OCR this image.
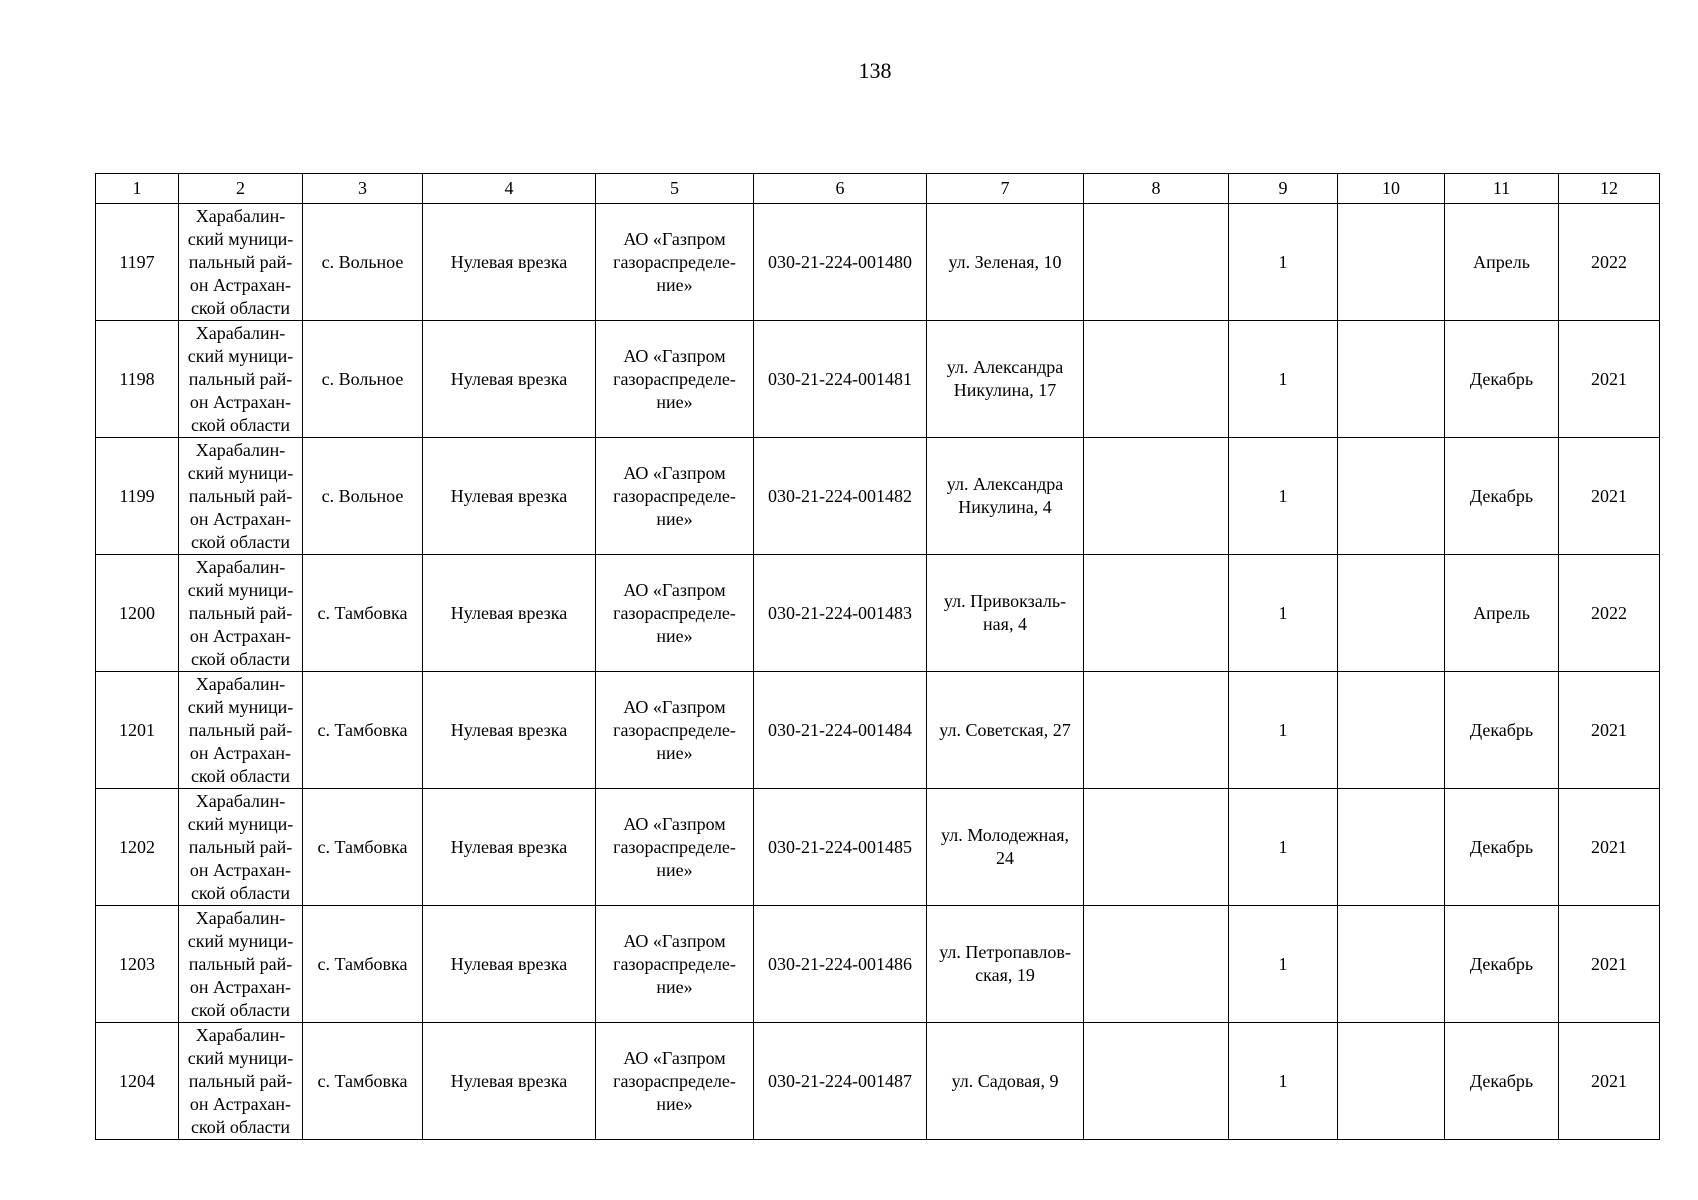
138
1	2	3	4	5	6	7	8	9	10	11	12
1197	Харабалин-
ский муници-
пальный рай-
он Астрахан-
ской области	с. Вольное	Нулевая врезка	АО «Газпром
газораспределе-
ние»	030-21-224-001480	ул. Зеленая, 10		1		Апрель	2022
1198	Харабалин-
ский муници-
пальный рай-
он Астрахан-
ской области	с. Вольное	Нулевая врезка	АО «Газпром
газораспределе-
ние»	030-21-224-001481	ул. Александра
Никулина, 17		1		Декабрь	2021
1199	Харабалин-
ский муници-
пальный рай-
он Астрахан-
ской области	с. Вольное	Нулевая врезка	АО «Газпром
газораспределе-
ние»	030-21-224-001482	ул. Александра
Никулина, 4		1		Декабрь	2021
1200	Харабалин-
ский муници-
пальный рай-
он Астрахан-
ской области	с. Тамбовка	Нулевая врезка	АО «Газпром
газораспределе-
ние»	030-21-224-001483	ул. Привокзаль-
ная, 4		1		Апрель	2022
1201	Харабалин-
ский муници-
пальный рай-
он Астрахан-
ской области	с. Тамбовка	Нулевая врезка	АО «Газпром
газораспределе-
ние»	030-21-224-001484	ул. Советская, 27		1		Декабрь	2021
1202	Харабалин-
ский муници-
пальный рай-
он Астрахан-
ской области	с. Тамбовка	Нулевая врезка	АО «Газпром
газораспределе-
ние»	030-21-224-001485	ул. Молодежная,
24		1		Декабрь	2021
1203	Харабалин-
ский муници-
пальный рай-
он Астрахан-
ской области	с. Тамбовка	Нулевая врезка	АО «Газпром
газораспределе-
ние»	030-21-224-001486	ул. Петропавлов-
ская, 19		1		Декабрь	2021
1204	Харабалин-
ский муници-
пальный рай-
он Астрахан-
ской области	с. Тамбовка	Нулевая врезка	АО «Газпром
газораспределе-
ние»	030-21-224-001487	ул. Садовая, 9		1		Декабрь	2021
